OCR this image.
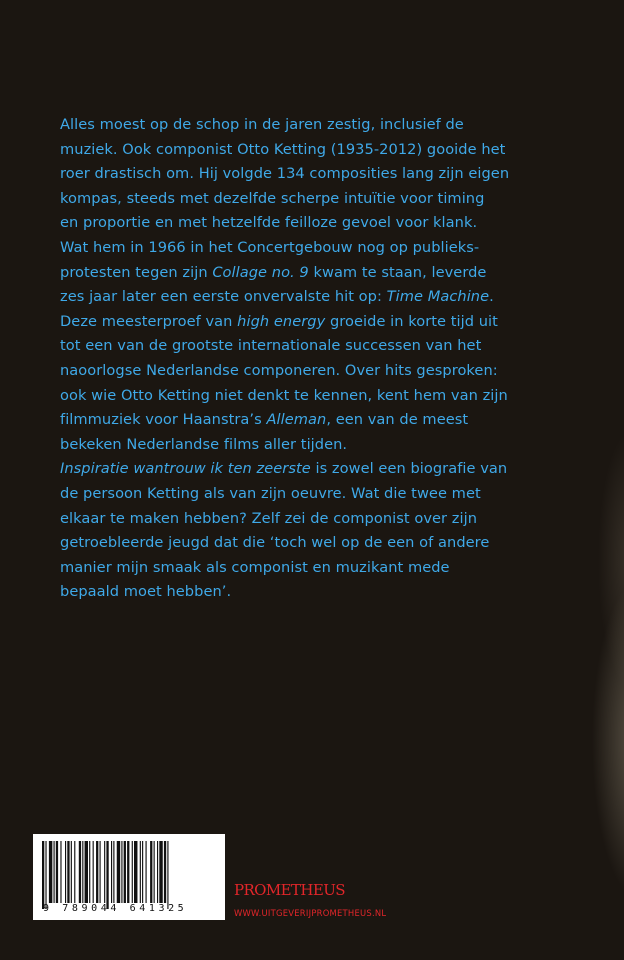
Alles moest op de schop in de jaren zestig, inclusief de

muziek. Ook componist Otto Ketting (1935-2012) gooide het

roer drastisch om. Hij volgde 134 composities lang zijn eigen

kompas, steeds met dezelfde scherpe intuïtie voor timing

en proportie en met hetzelfde feilloze gevoel voor klank.

Wat hem in 1966 in het Concertgebouw nog op publieks-

protesten tegen zijn Collage no. 9 kwam te staan, leverde

zes jaar later een eerste onvervalste hit op: Time Machine.

Deze meesterproef van high energy groeide in korte tijd uit

tot een van de grootste internationale successen van het

naoorlogse Nederlandse componeren. Over hits gesproken:

ook wie Otto Ketting niet denkt te kennen, kent hem van zijn

filmmuziek voor Haanstra’s Alleman, een van de meest

bekeken Nederlandse films aller tijden.

Inspiratie wantrouw ik ten zeerste is zowel een biografie van

de persoon Ketting als van zijn oeuvre. Wat die twee met

elkaar te maken hebben? Zelf zei de componist over zijn

getroebleerde jeugd dat die ‘toch wel op de een of andere

manier mijn smaak als componist en muzikant mede

bepaald moet hebben’.

9 789044 641325
PROMETHEUS
WWW.UITGEVERIJPROMETHEUS.NL
